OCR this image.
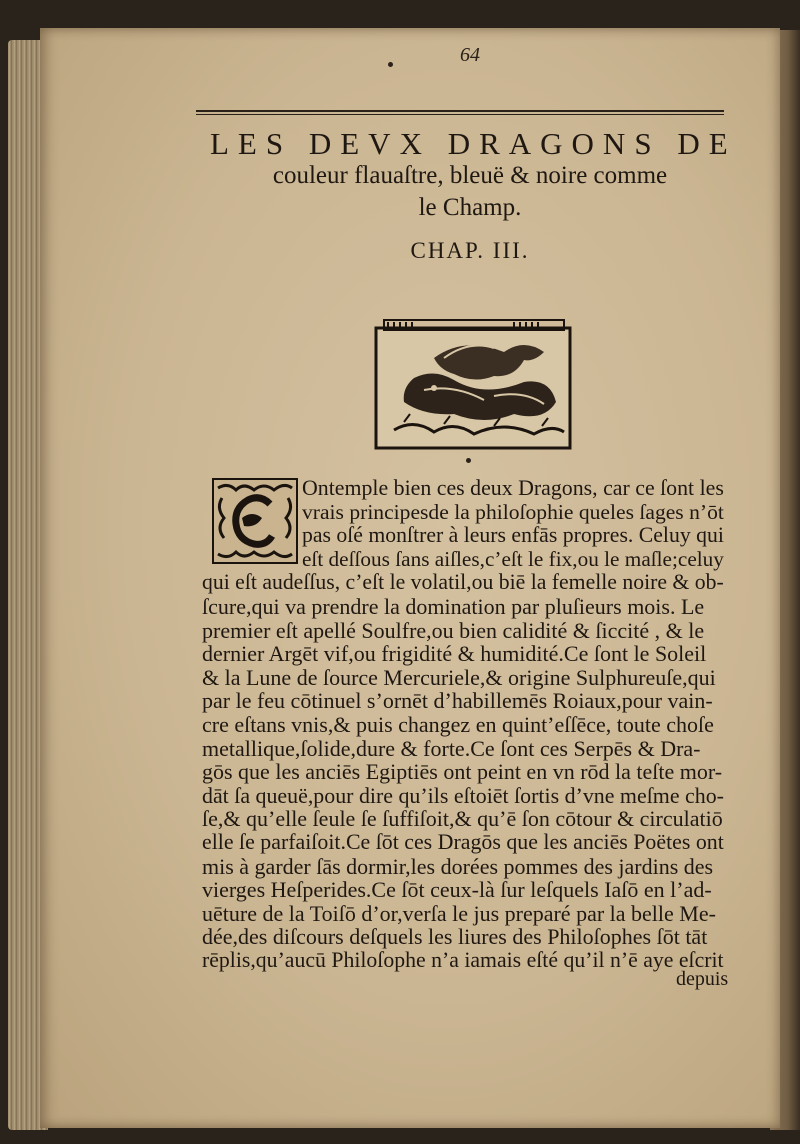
64
LES DEVX DRAGONS DE
couleur flauaſtre, bleuë & noire comme
le Champ.
CHAP. III.
Ontemple bien ces deux Dragons, car ce ſont les
vrais principesde la philoſophie queles ſages n’ōt
pas oſé monſtrer à leurs enfās propres. Celuy qui
eſt deſſous ſans aiſles,c’eſt le fix,ou le maſle;celuy
qui eſt audeſſus, c’eſt le volatil,ou biē la femelle noire & ob-
ſcure,qui va prendre la domination par pluſieurs mois. Le
premier eſt apellé Soulfre,ou bien calidité & ſiccité , & le
dernier Argēt vif,ou frigidité & humidité.Ce ſont le Soleil
& la Lune de ſource Mercuriele,& origine Sulphureuſe,qui
par le feu cōtinuel s’ornēt d’habillemēs Roiaux,pour vain-
cre eſtans vnis,& puis changez en quint’eſſēce, toute choſe
metallique,ſolide,dure & forte.Ce ſont ces Serpēs & Dra-
gōs que les anciēs Egiptiēs ont peint en vn rōd la teſte mor-
dāt ſa queuë,pour dire qu’ils eſtoiēt ſortis d’vne meſme cho-
ſe,& qu’elle ſeule ſe ſuffiſoit,& qu’ē ſon cōtour & circulatiō
elle ſe parfaiſoit.Ce ſōt ces Dragōs que les anciēs Poëtes ont
mis à garder ſās dormir,les dorées pommes des jardins des
vierges Heſperides.Ce ſōt ceux-là ſur leſquels Iaſō en l’ad-
uēture de la Toiſō d’or,verſa le jus preparé par la belle Me-
dée,des diſcours deſquels les liures des Philoſophes ſōt tāt
rēplis,qu’aucū Philoſophe n’a iamais eſté qu’il n’ē aye eſcrit
depuis
